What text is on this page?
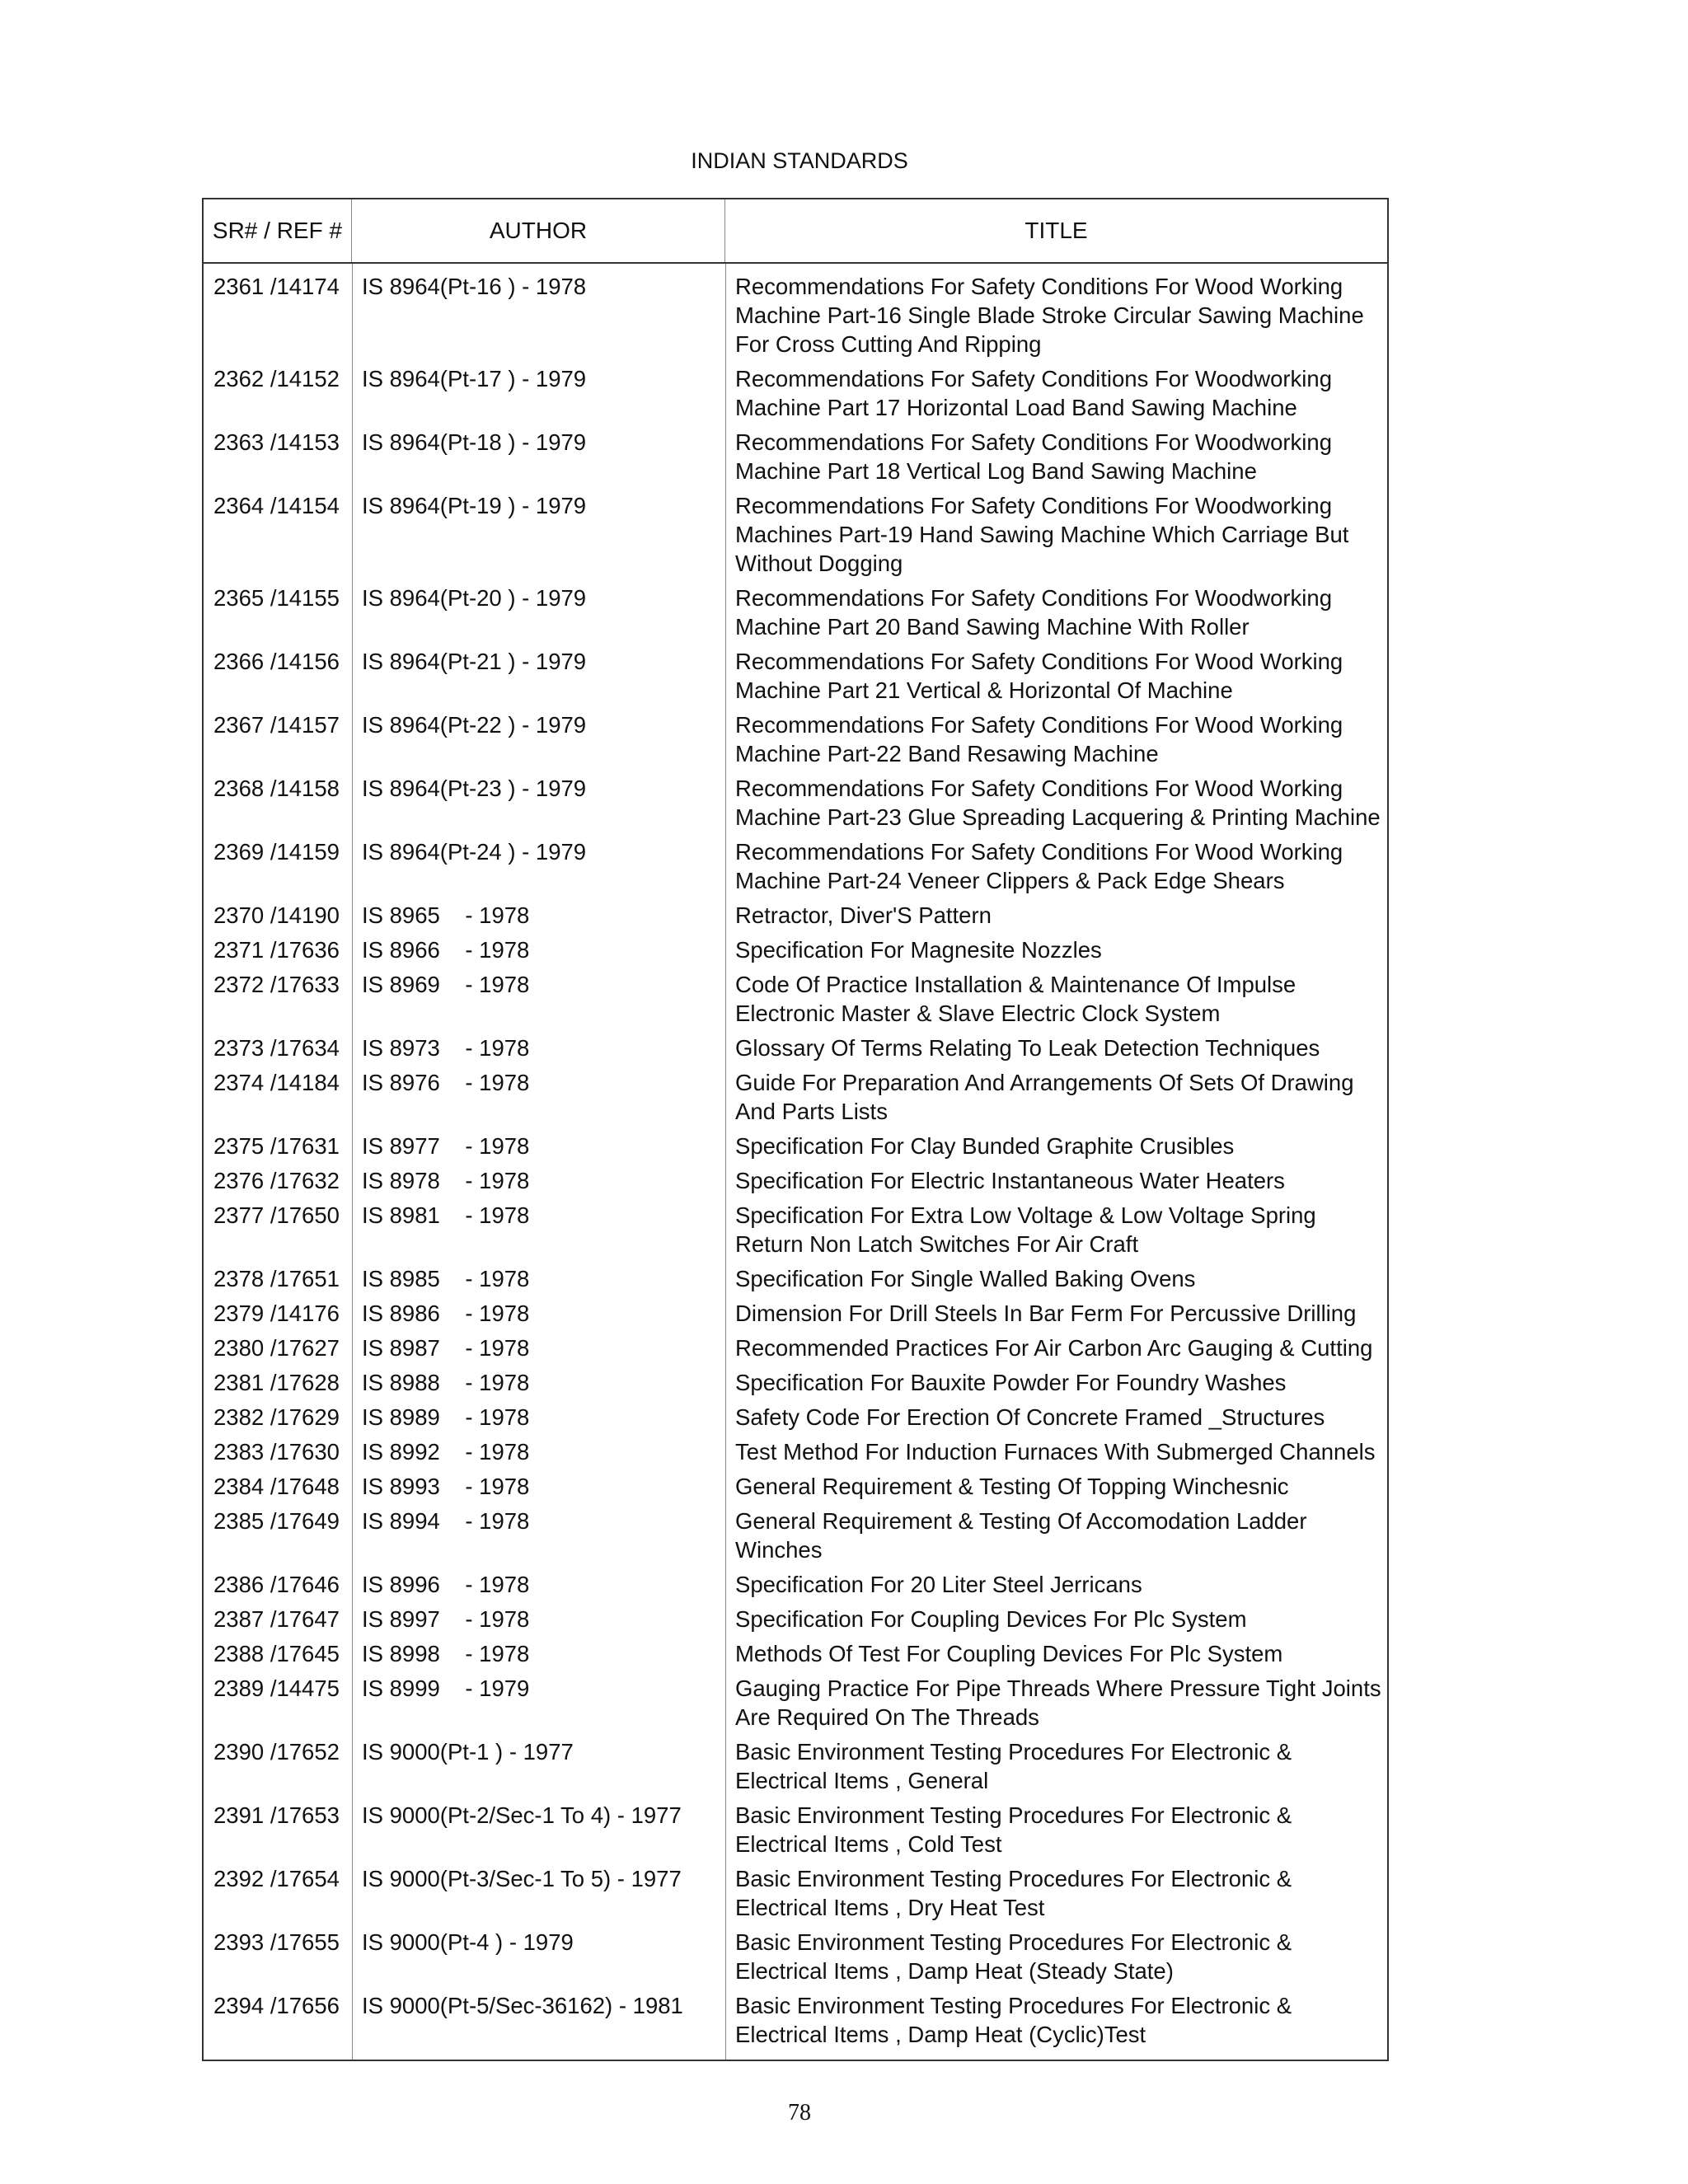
INDIAN STANDARDS
SR# / REF #	AUTHOR	TITLE
2361 /14174 IS 8964(Pt-16 ) - 1978	Recommendations For Safety Conditions For Wood Working Machine Part-16 Single Blade Stroke Circular Sawing Machine For Cross Cutting And Ripping
2362 /14152 IS 8964(Pt-17 ) - 1979	Recommendations For Safety Conditions For Woodworking Machine Part 17 Horizontal Load Band Sawing Machine
2363 /14153 IS 8964(Pt-18 ) - 1979	Recommendations For Safety Conditions For Woodworking Machine Part 18 Vertical Log Band Sawing Machine
2364 /14154 IS 8964(Pt-19 ) - 1979	Recommendations For Safety Conditions For Woodworking Machines Part-19 Hand Sawing Machine Which Carriage But Without Dogging
2365 /14155 IS 8964(Pt-20 ) - 1979	Recommendations For Safety Conditions For Woodworking Machine Part 20 Band Sawing Machine With Roller
2366 /14156 IS 8964(Pt-21 ) - 1979	Recommendations For Safety Conditions For Wood Working Machine Part 21 Vertical & Horizontal Of Machine
2367 /14157 IS 8964(Pt-22 ) - 1979	Recommendations For Safety Conditions For Wood Working Machine Part-22 Band Resawing Machine
2368 /14158 IS 8964(Pt-23 ) - 1979	Recommendations For Safety Conditions For Wood Working Machine Part-23 Glue Spreading Lacquering & Printing Machine
2369 /14159 IS 8964(Pt-24 ) - 1979	Recommendations For Safety Conditions For Wood Working Machine Part-24 Veneer Clippers & Pack Edge Shears
2370 /14190 IS 8965    - 1978	Retractor, Diver'S Pattern
2371 /17636 IS 8966    - 1978	Specification For Magnesite Nozzles
2372 /17633 IS 8969    - 1978	Code Of Practice Installation & Maintenance Of Impulse Electronic Master & Slave Electric Clock System
2373 /17634 IS 8973    - 1978	Glossary Of Terms Relating To Leak Detection Techniques
2374 /14184 IS 8976    - 1978	Guide For Preparation And Arrangements Of Sets Of Drawing And Parts Lists
2375 /17631 IS 8977    - 1978	Specification For Clay Bunded Graphite Crusibles
2376 /17632 IS 8978    - 1978	Specification For Electric Instantaneous Water Heaters
2377 /17650 IS 8981    - 1978	Specification For Extra Low Voltage & Low Voltage Spring Return Non Latch Switches For Air Craft
2378 /17651 IS 8985    - 1978	Specification For Single Walled Baking Ovens
2379 /14176 IS 8986    - 1978	Dimension For Drill Steels In Bar Ferm For Percussive Drilling
2380 /17627 IS 8987    - 1978	Recommended Practices For Air Carbon Arc Gauging & Cutting
2381 /17628 IS 8988    - 1978	Specification For Bauxite Powder For Foundry Washes
2382 /17629 IS 8989    - 1978	Safety Code For Erection Of Concrete Framed _Structures
2383 /17630 IS 8992    - 1978	Test Method For Induction Furnaces With Submerged Channels
2384 /17648 IS 8993    - 1978	General Requirement & Testing Of Topping Winchesnic
2385 /17649 IS 8994    - 1978	General Requirement & Testing Of Accomodation Ladder Winches
2386 /17646 IS 8996    - 1978	Specification For 20 Liter Steel Jerricans
2387 /17647 IS 8997    - 1978	Specification For Coupling Devices For Plc System
2388 /17645 IS 8998    - 1978	Methods Of Test For Coupling Devices For Plc System
2389 /14475 IS 8999    - 1979	Gauging Practice For Pipe Threads Where Pressure Tight Joints Are Required On The Threads
2390 /17652 IS 9000(Pt-1 ) - 1977	Basic Environment Testing Procedures For Electronic & Electrical Items , General
2391 /17653 IS 9000(Pt-2/Sec-1 To 4) - 1977	Basic Environment Testing Procedures For Electronic & Electrical Items , Cold Test
2392 /17654 IS 9000(Pt-3/Sec-1 To 5) - 1977	Basic Environment Testing Procedures For Electronic & Electrical Items , Dry Heat Test
2393 /17655 IS 9000(Pt-4 ) - 1979	Basic Environment Testing Procedures For Electronic & Electrical Items , Damp Heat (Steady State)
2394 /17656 IS 9000(Pt-5/Sec-36162) - 1981	Basic Environment Testing Procedures For Electronic & Electrical Items , Damp Heat (Cyclic)Test
78
